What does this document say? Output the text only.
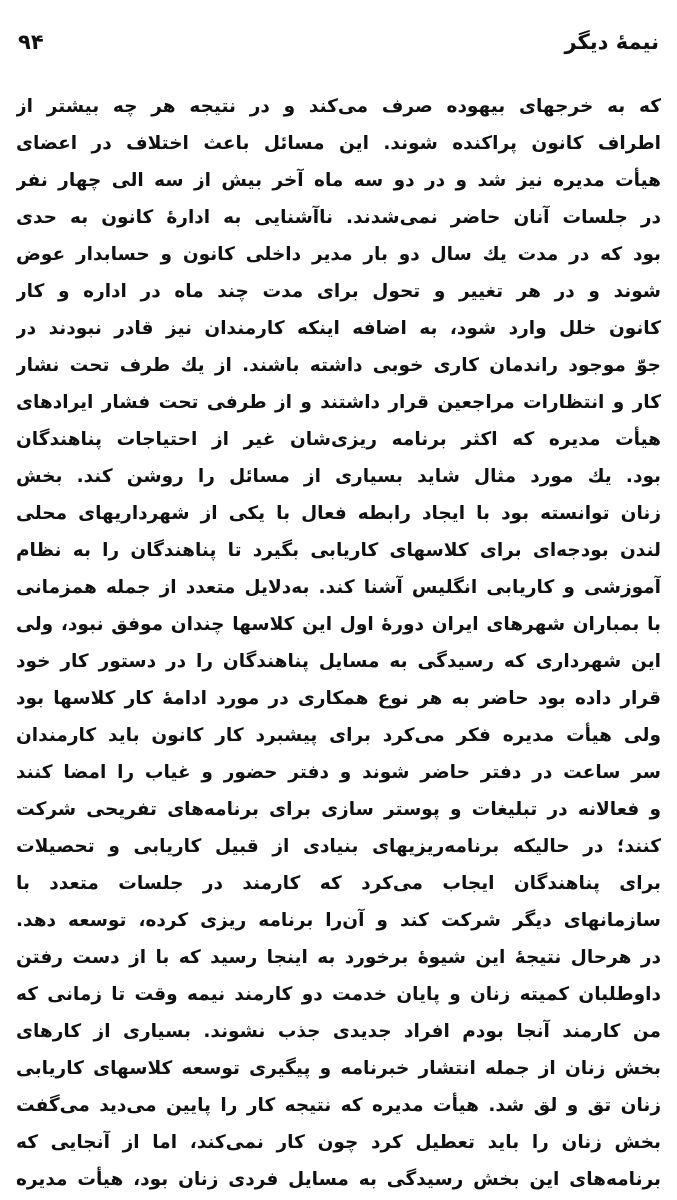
نیمهٔ دیگر
۹۴
که به خرجهای بیهوده صرف می‌کند و در نتیجه هر چه بیشتر از
اطراف کانون پراکنده شوند. این مسائل باعث اختلاف در اعضای
هیأت مدیره نیز شد و در دو سه ماه آخر بیش از سه الی چهار نفر
در جلسات آنان حاضر نمی‌شدند. ناآشنایی به ادارهٔ کانون به حدی
بود که در مدت یك سال دو بار مدیر داخلی کانون و حسابدار عوض
شوند و در هر تغییر و تحول برای مدت چند ماه در اداره و کار
کانون خلل وارد شود، به اضافه اینکه کارمندان نیز قادر نبودند در
جوّ موجود راندمان کاری خوبی داشته باشند. از یك طرف تحت نشار
کار و انتظارات مراجعین قرار داشتند و از طرفی تحت فشار ایرادهای
هیأت مدیره که اکثر برنامه ریزی‌شان غیر از احتیاجات پناهندگان
بود. یك مورد مثال شاید بسیاری از مسائل را روشن کند. بخش
زنان توانسته بود با ایجاد رابطه فعال با یکی از شهرداریهای محلی
لندن بودجه‌ای برای کلاسهای کاریابی بگیرد تا پناهندگان را به نظام
آموزشی و کاریابی انگلیس آشنا کند. به‌دلایل متعدد از جمله همزمانی
با بمباران شهرهای ایران دورهٔ اول این کلاسها چندان موفق نبود، ولی
این شهرداری که رسیدگی به مسایل پناهندگان را در دستور کار خود
قرار داده بود حاضر به هر نوع همکاری در مورد ادامهٔ کار کلاسها بود
ولی هیأت مدیره فکر می‌کرد برای پیشبرد کار کانون باید کارمندان
سر ساعت در دفتر حاضر شوند و دفتر حضور و غیاب را امضا کنند
و فعالانه در تبلیغات و پوستر سازی برای برنامه‌های تفریحی شرکت
کنند؛ در حالیکه برنامه‌ریزیهای بنیادی از قبیل کاریابی و تحصیلات
برای پناهندگان ایجاب می‌کرد که کارمند در جلسات متعدد با
سازمانهای دیگر شرکت کند و آن‌را برنامه ریزی کرده، توسعه دهد.
در هرحال نتیجهٔ این شیوهٔ برخورد به اینجا رسید که با از دست رفتن
داوطلبان کمیته زنان و پایان خدمت دو کارمند نیمه وقت تا زمانی که
من کارمند آنجا بودم افراد جدیدی جذب نشوند. بسیاری از کارهای
بخش زنان از جمله انتشار خبرنامه و پیگیری توسعه کلاسهای کاریابی
زنان تق و لق شد. هیأت مدیره که نتیجه کار را پایین می‌دید می‌گفت
بخش زنان را باید تعطیل کرد چون کار نمی‌کند، اما از آنجایی که
برنامه‌های این بخش رسیدگی به مسایل فردی زنان بود، هیأت مدیره
